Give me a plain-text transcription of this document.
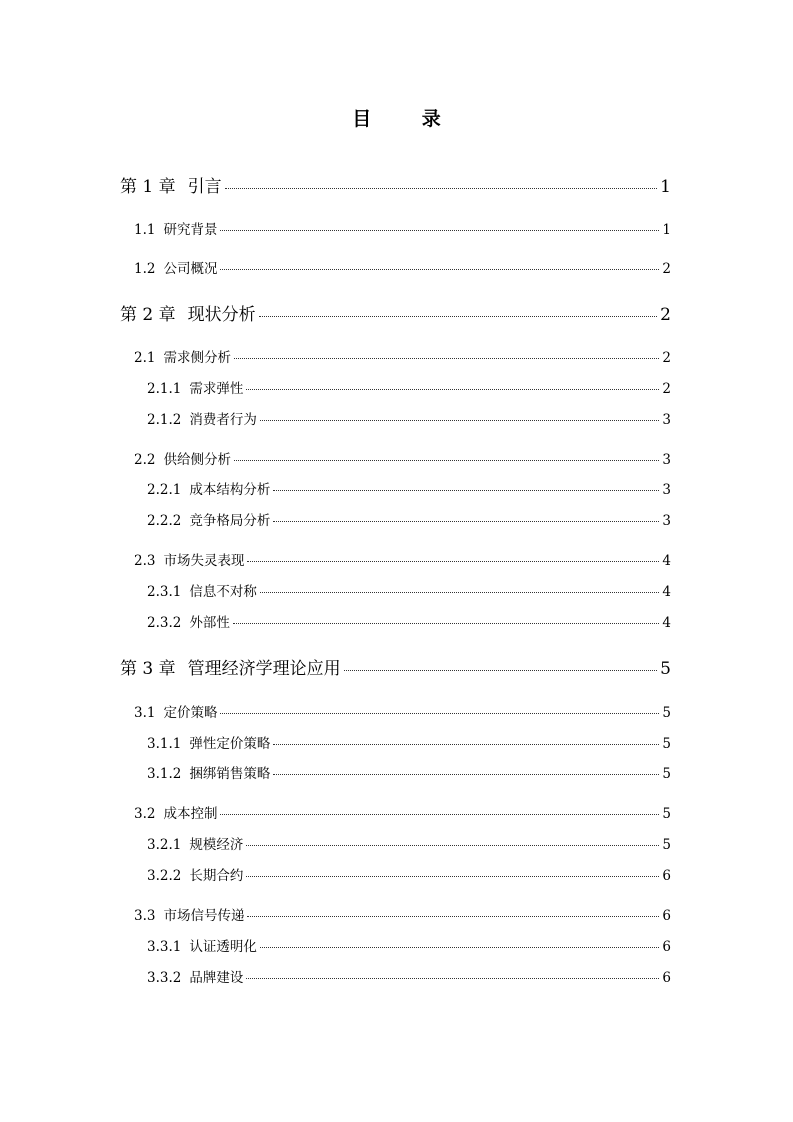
目 录
第 1 章 引言	1
1.1 研究背景	1
1.2 公司概况	2
第 2 章 现状分析	2
2.1 需求侧分析	2
2.1.1 需求弹性	2
2.1.2 消费者行为	3
2.2 供给侧分析	3
2.2.1 成本结构分析	3
2.2.2 竞争格局分析	3
2.3 市场失灵表现	4
2.3.1 信息不对称	4
2.3.2 外部性	4
第 3 章 管理经济学理论应用	5
3.1 定价策略	5
3.1.1 弹性定价策略	5
3.1.2 捆绑销售策略	5
3.2 成本控制	5
3.2.1 规模经济	5
3.2.2 长期合约	6
3.3 市场信号传递	6
3.3.1 认证透明化	6
3.3.2 品牌建设	6
